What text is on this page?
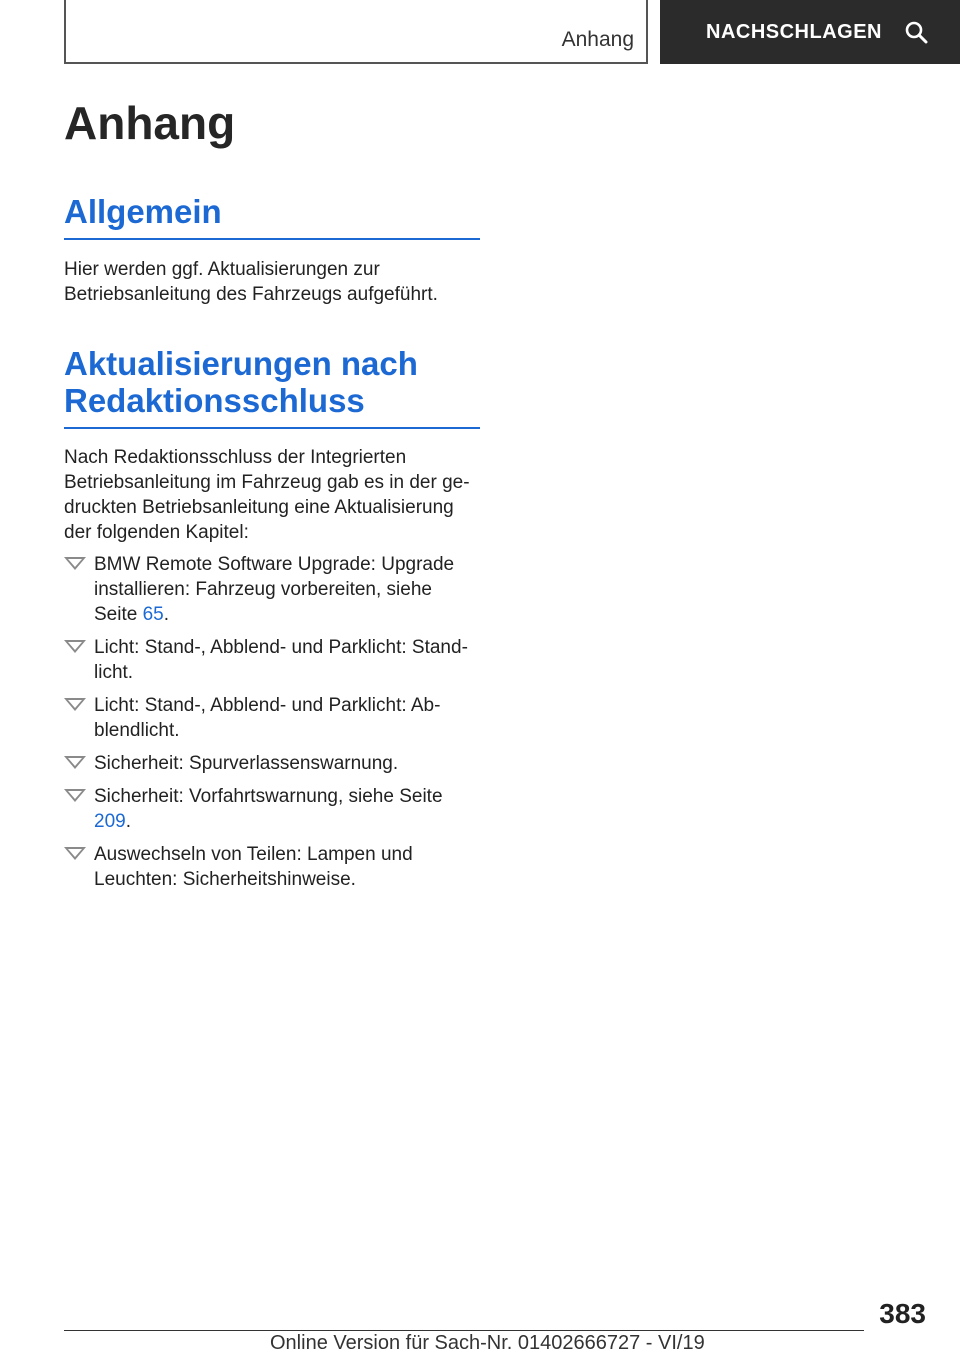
Anhang	NACHSCHLAGEN
Anhang
Allgemein

Hier werden ggf. Aktualisierungen zur Betriebsanleitung des Fahrzeugs aufgeführt.

Aktualisierungen nach Redaktionsschluss

Nach Redaktionsschluss der Integrierten Betriebsanleitung im Fahrzeug gab es in der gedruckten Betriebsanleitung eine Aktualisierung der folgenden Kapitel:

BMW Remote Software Upgrade: Upgrade installieren: Fahrzeug vorbereiten, siehe Seite 65.
Licht: Stand-, Abblend- und Parklicht: Standlicht.
Licht: Stand-, Abblend- und Parklicht: Abblendlicht.
Sicherheit: Spurverlassenswarnung.
Sicherheit: Vorfahrtswarnung, siehe Seite 209.
Auswechseln von Teilen: Lampen und Leuchten: Sicherheitshinweise.
383
Online Version für Sach-Nr. 01402666727 - VI/19
